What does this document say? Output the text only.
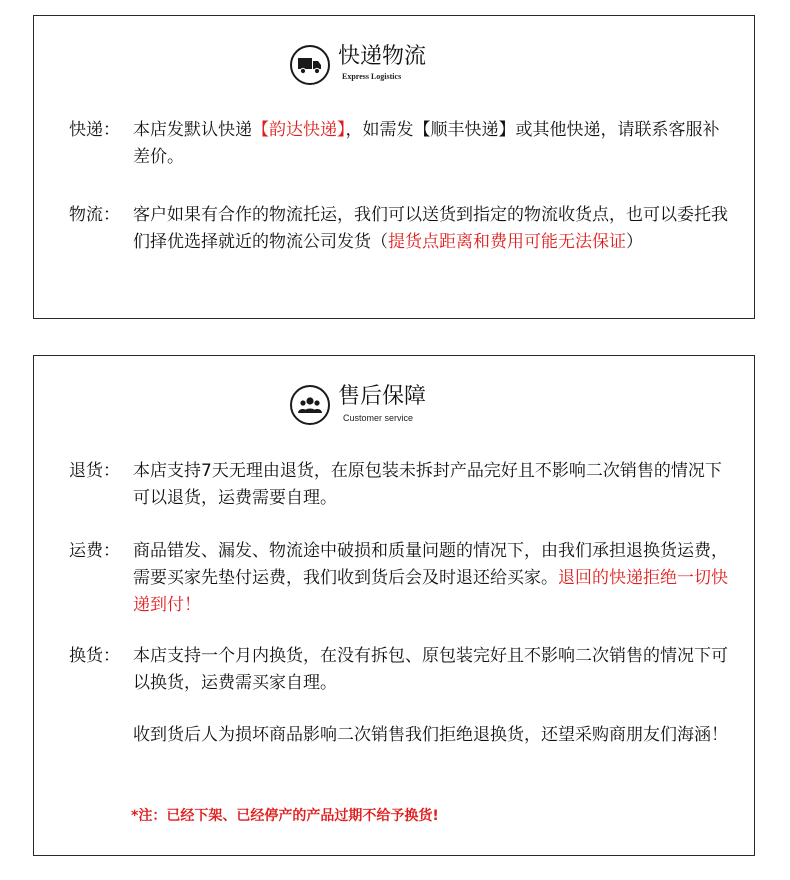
快递物流
Express Logistics
快递： 本店发默认快递【韵达快递】，如需发【顺丰快递】或其他快递，请联系客服补差价。
物流： 客户如果有合作的物流托运，我们可以送货到指定的物流收货点，也可以委托我们择优选择就近的物流公司发货（提货点距离和费用可能无法保证）
售后保障
Customer service
退货： 本店支持7天无理由退货，在原包装未拆封产品完好且不影响二次销售的情况下可以退货，运费需要自理。
运费： 商品错发、漏发、物流途中破损和质量问题的情况下，由我们承担退换货运费，需要买家先垫付运费，我们收到货后会及时退还给买家。退回的快递拒绝一切快递到付！
换货： 本店支持一个月内换货，在没有拆包、原包装完好且不影响二次销售的情况下可以换货，运费需买家自理。
收到货后人为损坏商品影响二次销售我们拒绝退换货，还望采购商朋友们海涵！
*注：已经下架、已经停产的产品过期不给予换货!
